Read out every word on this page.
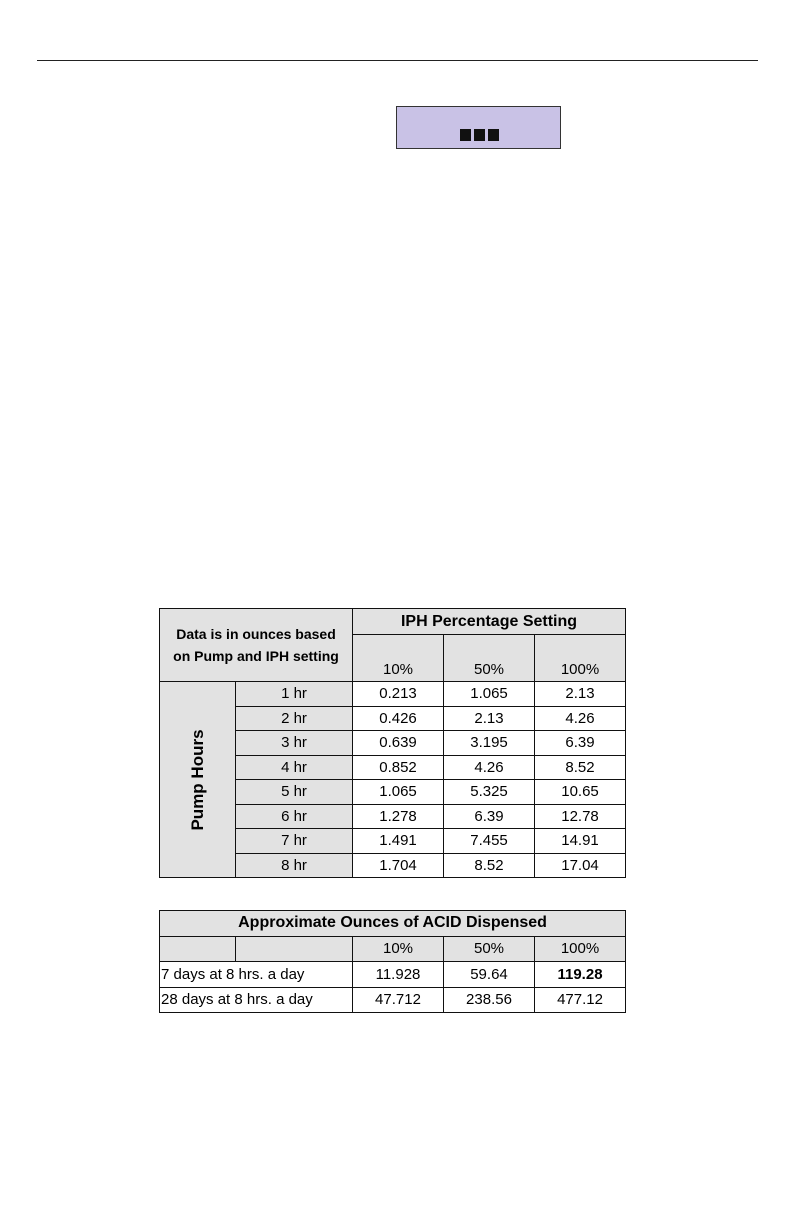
Data is in ounces based
on Pump and IPH setting		IPH Percentage Setting		
		10%	50%	100%

Pump Hours	1 hr	0.213	1.065	2.13
	2 hr	0.426	2.13	4.26
	3 hr	0.639	3.195	6.39
	4 hr	0.852	4.26	8.52
	5 hr	1.065	5.325	10.65
	6 hr	1.278	6.39	12.78
	7 hr	1.491	7.455	14.91
	8 hr	1.704	8.52	17.04
Approximate Ounces of ACID Dispensed				
		10%	50%	100%
7 days at 8 hrs. a day		11.928	59.64	119.28
28 days at 8 hrs. a day		47.712	238.56	477.12
